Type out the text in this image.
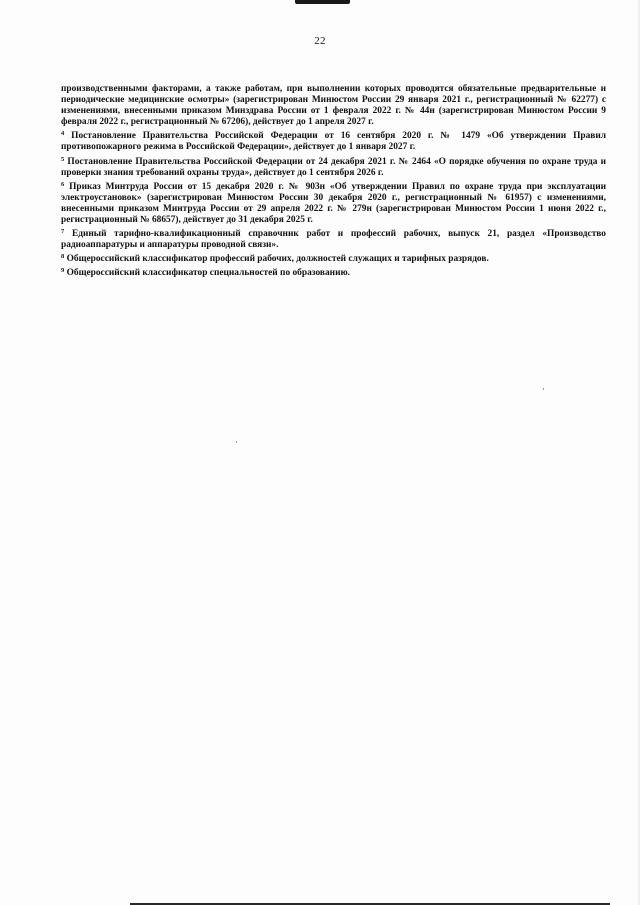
22

производственными факторами, а также работам, при выполнении которых проводятся обязательные предварительные и периодические медицинские осмотры» (зарегистрирован Минюстом России 29 января 2021 г., регистрационный № 62277) с изменениями, внесенными приказом Минздрава России от 1 февраля 2022 г. № 44н (зарегистрирован Минюстом России 9 февраля 2022 г., регистрационный № 67206), действует до 1 апреля 2027 г.

$^4$ Постановление Правительства Российской Федерации от 16 сентября 2020 г. № 1479 «Об утверждении Правил противопожарного режима в Российской Федерации», действует до 1 января 2027 г.

$^5$ Постановление Правительства Российской Федерации от 24 декабря 2021 г. № 2464 «О порядке обучения по охране труда и проверки знания требований охраны труда», действует до 1 сентября 2026 г.

$^6$ Приказ Минтруда России от 15 декабря 2020 г. № 903н «Об утверждении Правил по охране труда при эксплуатации электроустановок» (зарегистрирован Минюстом России 30 декабря 2020 г., регистрационный № 61957) с изменениями, внесенными приказом Минтруда России от 29 апреля 2022 г. № 279н (зарегистрирован Минюстом России 1 июня 2022 г., регистрационный № 68657), действует до 31 декабря 2025 г.

$^7$ Единый тарифно-квалификационный справочник работ и профессий рабочих, выпуск 21, раздел «Производство радиоаппаратуры и аппаратуры проводной связи».

$^8$ Общероссийский классификатор профессий рабочих, должностей служащих и тарифных разрядов.

$^9$ Общероссийский классификатор специальностей по образованию.
